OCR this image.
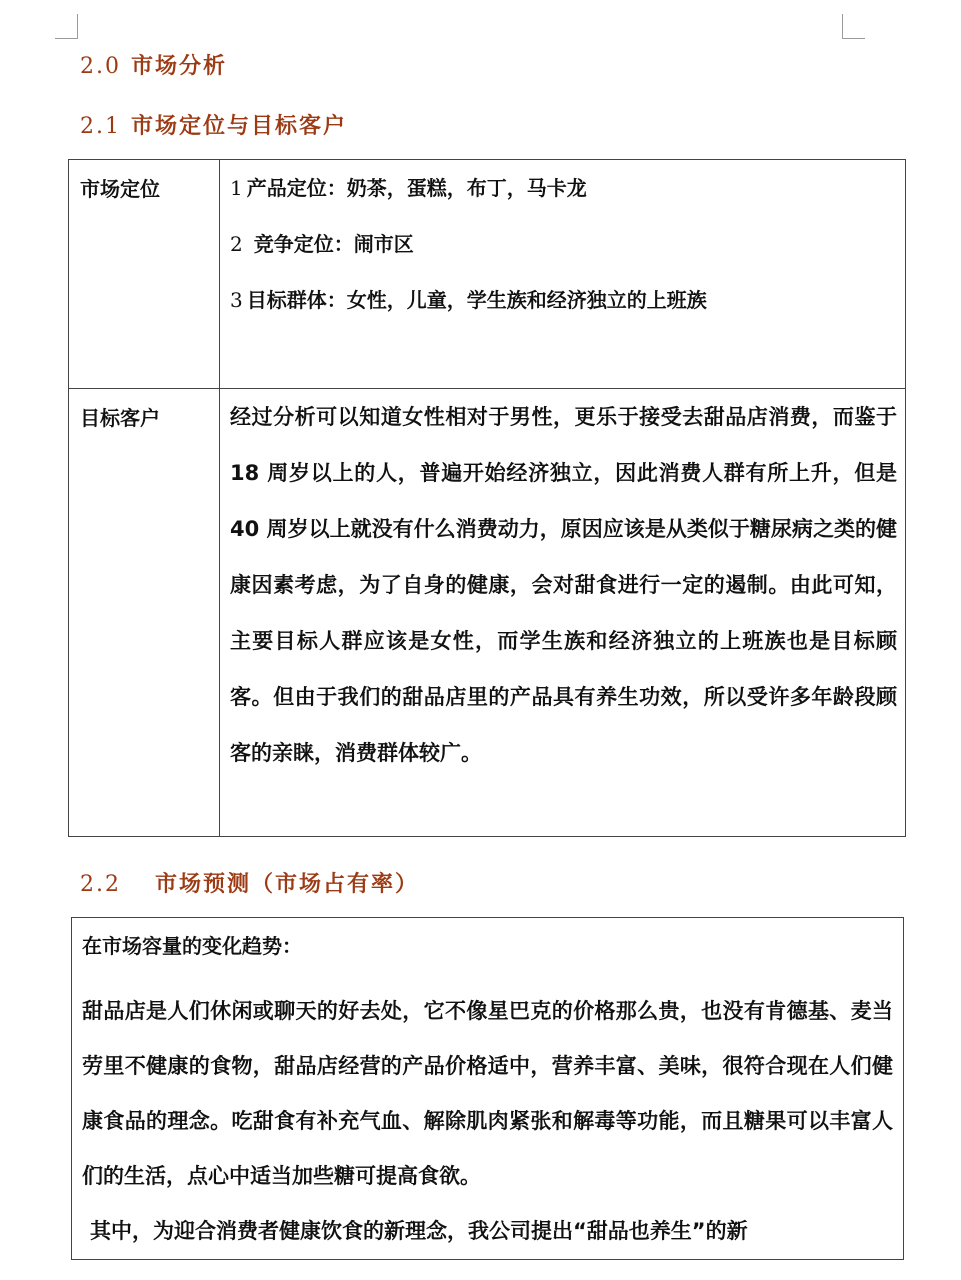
2.0 市场分析
2.1 市场定位与目标客户
市场定位	1 产品定位：奶茶，蛋糕，布丁，马卡龙
2 竞争定位：闹市区
3 目标群体：女性，儿童，学生族和经济独立的上班族

目标客户	经过分析可以知道女性相对于男性，更乐于接受去甜品店消费，而鉴于 18 周岁以上的人，普遍开始经济独立，因此消费人群有所上升，但是 40 周岁以上就没有什么消费动力，原因应该是从类似于糖尿病之类的健康因素考虑，为了自身的健康，会对甜食进行一定的遏制。由此可知，主要目标人群应该是女性，而学生族和经济独立的上班族也是目标顾客。但由于我们的甜品店里的产品具有养生功效，所以受许多年龄段顾客的亲睐，消费群体较广。

2.2 市场预测（市场占有率）

在市场容量的变化趋势：

甜品店是人们休闲或聊天的好去处，它不像星巴克的价格那么贵，也没有肯德基、麦当劳里不健康的食物，甜品店经营的产品价格适中，营养丰富、美味，很符合现在人们健康食品的理念。吃甜食有补充气血、解除肌肉紧张和解毒等功能，而且糖果可以丰富人们的生活，点心中适当加些糖可提高食欲。

其中，为迎合消费者健康饮食的新理念，我公司提出“甜品也养生”的新
